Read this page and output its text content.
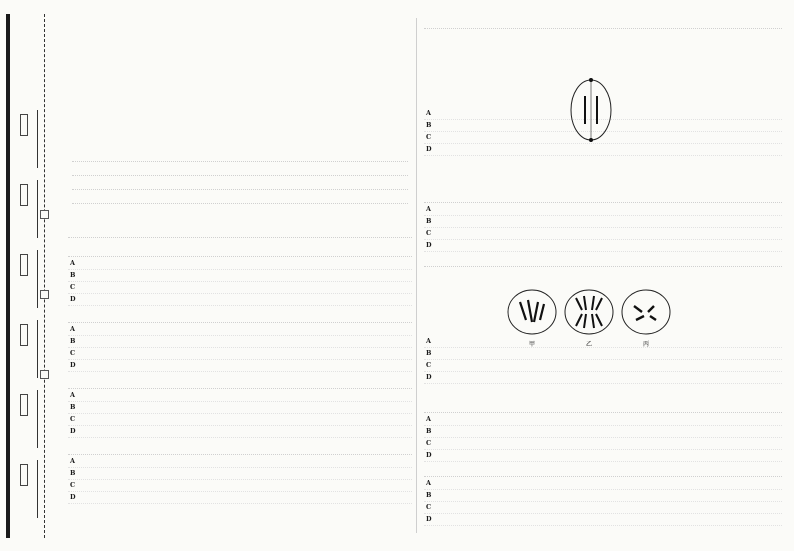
A
B
C
D
A
B
C
D
A
B
C
D
A
B
C
D
A
B
C
D
A
B
C
D
A
B
C
D
甲	乙	丙
A
B
C
D
A
B
C
D
